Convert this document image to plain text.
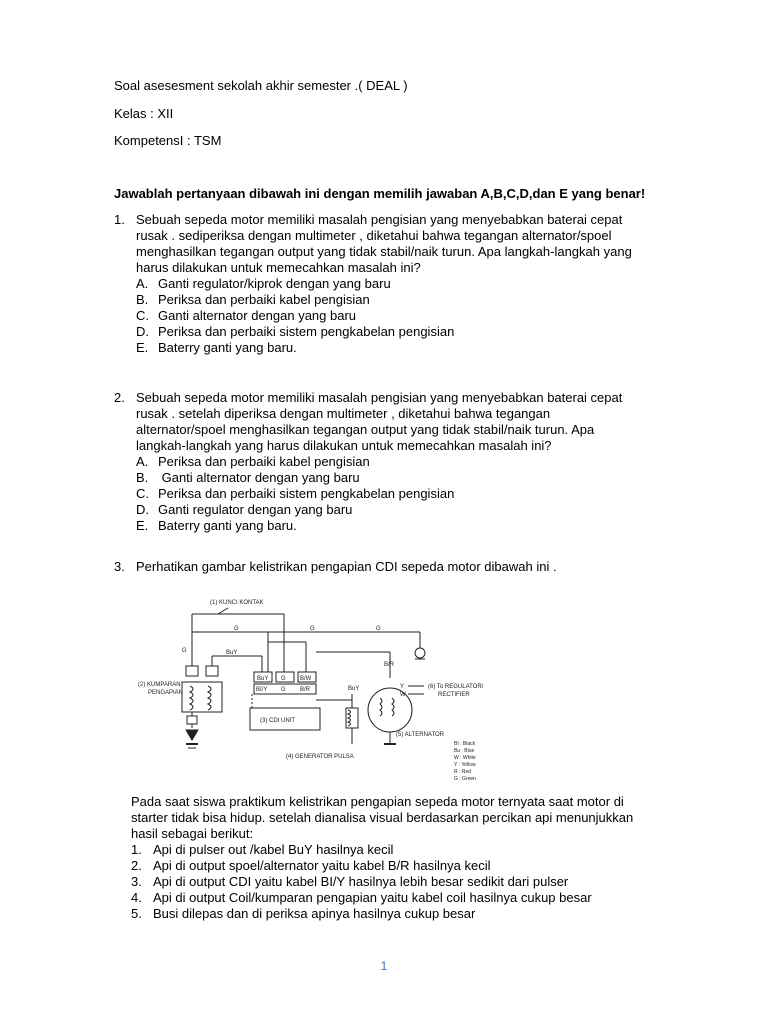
Soal asesesment sekolah akhir semester .( DEAL )
Kelas : XII
KompetensI : TSM
Jawablah pertanyaan dibawah ini dengan memilih jawaban A,B,C,D,dan E yang benar!
1. Sebuah sepeda motor memiliki masalah pengisian yang menyebabkan baterai cepat
rusak . sediperiksa dengan multimeter , diketahui bahwa tegangan alternator/spoel
menghasilkan tegangan output yang tidak stabil/naik turun. Apa langkah-langkah yang
harus dilakukan untuk memecahkan masalah ini?
A. Ganti regulator/kiprok dengan yang baru
B. Periksa dan perbaiki kabel pengisian
C. Ganti alternator dengan yang baru
D. Periksa dan perbaiki sistem pengkabelan pengisian
E. Baterry ganti yang baru.
2. Sebuah sepeda motor memiliki masalah pengisian yang menyebabkan baterai cepat
rusak . setelah diperiksa dengan multimeter , diketahui bahwa tegangan
alternator/spoel menghasilkan tegangan output yang tidak stabil/naik turun. Apa
langkah-langkah yang harus dilakukan untuk memecahkan masalah ini?
A. Periksa dan perbaiki kabel pengisian
B. Ganti alternator dengan yang baru
C. Periksa dan perbaiki sistem pengkabelan pengisian
D. Ganti regulator dengan yang baru
E. Baterry ganti yang baru.
3. Perhatikan gambar kelistrikan pengapian CDI sepeda motor dibawah ini .
(1) KUNCI KONTAK
G	G	G
G	BuY
(2) KUMPARAN
PENGAPIAN
BuY G B/W
BI/Y G B/R
(3) CDI UNIT
BuY
(4) GENERATOR PULSA
B/R
(5) ALTERNATOR
Y
W
(6) To REGULATOR/
RECTIFIER
BI : Black
Bu : Blue
W : White
Y : Yellow
R : Red
G : Green
Pada saat siswa praktikum kelistrikan pengapian sepeda motor ternyata saat motor di
starter tidak bisa hidup. setelah dianalisa visual berdasarkan percikan api menunjukkan
hasil sebagai berikut:
1. Api di pulser out /kabel BuY hasilnya kecil
2. Api di output spoel/alternator yaitu kabel B/R hasilnya kecil
3. Api di output CDI yaitu kabel BI/Y hasilnya lebih besar sedikit dari pulser
4. Api di output Coil/kumparan pengapian yaitu kabel coil hasilnya cukup besar
5. Busi dilepas dan di periksa apinya hasilnya cukup besar
1
